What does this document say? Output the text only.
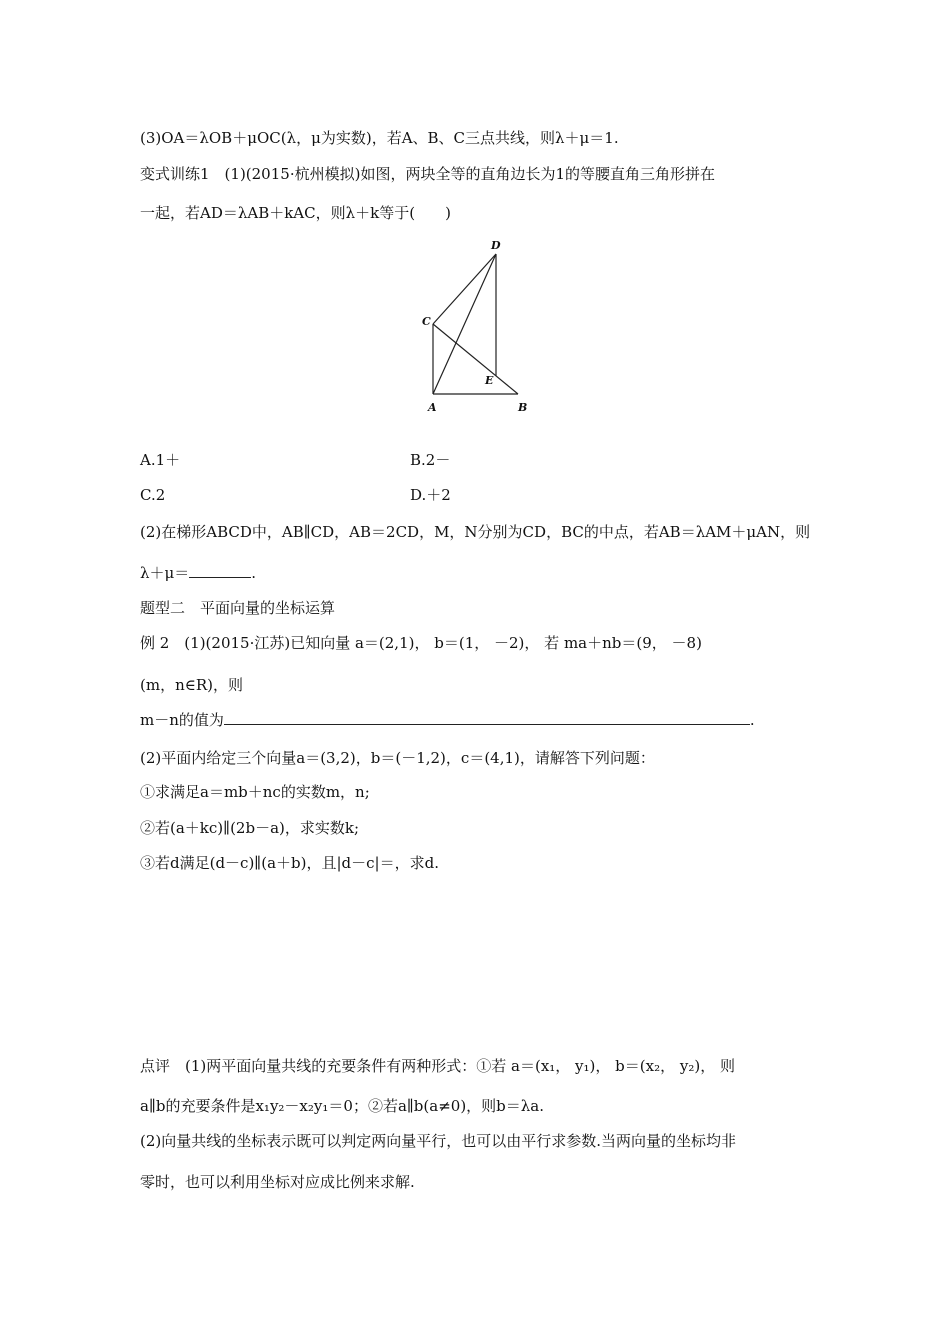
(3)OA＝λOB＋μOC(λ，μ为实数)，若A、B、C三点共线，则λ＋μ＝1.
变式训练1　(1)(2015·杭州模拟)如图，两块全等的直角边长为1的等腰直角三角形拼在
一起，若AD＝λAB＋kAC，则λ＋k等于(　　)
D
C
E
A	B
A.1＋	B.2－
C.2	D.＋2
(2)在梯形ABCD中，AB∥CD，AB＝2CD，M，N分别为CD，BC的中点，若AB＝λAM＋μAN，则
λ＋μ＝	.
题型二　平面向量的坐标运算
例 2　(1)(2015·江苏)已知向量 a＝(2,1)， b＝(1， －2)， 若 ma＋nb＝(9， －8)
(m，n∈R)，则
m－n的值为	.
(2)平面内给定三个向量a＝(3,2)，b＝(－1,2)，c＝(4,1)，请解答下列问题：
①求满足a＝mb＋nc的实数m，n;
②若(a＋kc)∥(2b－a)，求实数k;
③若d满足(d－c)∥(a＋b)，且|d－c|＝，求d.
点评　(1)两平面向量共线的充要条件有两种形式：①若 a＝(x₁， y₁)， b＝(x₂， y₂)， 则
a∥b的充要条件是x₁y₂－x₂y₁＝0；②若a∥b(a≠0)，则b＝λa.
(2)向量共线的坐标表示既可以判定两向量平行，也可以由平行求参数.当两向量的坐标均非
零时，也可以利用坐标对应成比例来求解.
